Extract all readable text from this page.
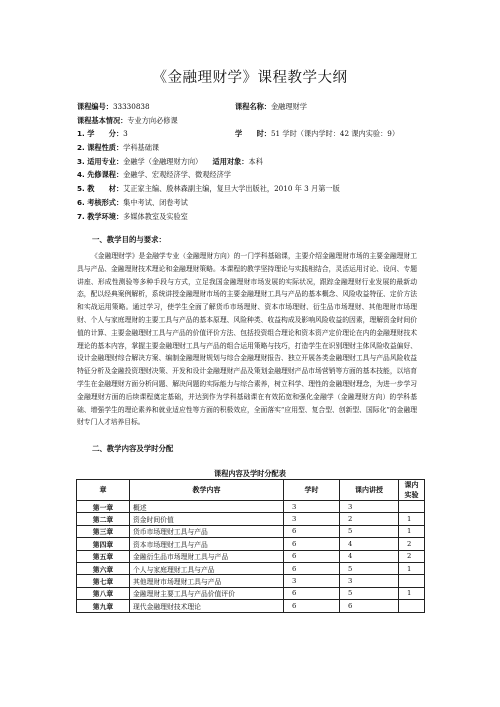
《金融理财学》课程教学大纲
课程编号：33330838	课程名称：金融理财学
课程基本情况：专业方向必修课
1. 学　　分：3	学　　时：51 学时（课内学时：42 课内实验：9）
2. 课程性质：学科基础课
3. 适用专业：金融学（金融理财方向） 适用对象：本科
4. 先修课程：金融学、宏观经济学、微观经济学
5. 教　　材：艾正家主编、殷林森副主编，复旦大学出版社，2010 年 3 月第一版
6. 考核形式：集中考试、闭卷考试
7. 教学环境：多媒体教室及实验室
一、教学目的与要求：
《金融理财学》是金融学专业（金融理财方向）的一门学科基础课，主要介绍金融理财市场的主要金融理财工具与产品、金融理财技术理论和金融理财策略。本课程的教学坚持理论与实践相结合，灵活运用讨论、设问、专题讲座、形成性测验等多种手段与方式，立足我国金融理财市场发展的实际状况，跟踪金融理财行业发展的最新动态，配以经典案例解析，系统讲授金融理财市场的主要金融理财工具与产品的基本概念、风险收益特征、定价方法和实战运用策略。通过学习，使学生全面了解货币市场理财、资本市场理财、衍生品市场理财、其他理财市场理财、个人与家庭理财的主要工具与产品的基本原理、风险种类、收益构成及影响风险收益的因素，理解资金时间价值的计算、主要金融理财工具与产品的价值评价方法、包括投资组合理论和资本资产定价理论在内的金融理财技术理论的基本内容，掌握主要金融理财工具与产品的组合运用策略与技巧，打造学生在识别理财主体风险收益偏好、设计金融理财综合解决方案、编制金融理财规划与综合金融理财报告、独立开展各类金融理财工具与产品风险收益特征分析及金融投资理财决策、开发和设计金融理财产品及策划金融理财产品市场营销等方面的基本技能，以培育学生在金融理财方面分析问题、解决问题的实际能力与综合素养，树立科学、理性的金融理财理念，为进一步学习金融理财方面的后续课程奠定基础，并达到作为学科基础课在有效拓宽和强化金融学（金融理财方向）的学科基础、增强学生的理论素养和就业适应性等方面的积极效应，全面落实“应用型、复合型、创新型、国际化”的金融理财专门人才培养目标。
二、教学内容及学时分配
课程内容及学时分配表
章	教学内容	学时	课内讲授	课内实验
第一章	概述	3	3	
第二章	资金时间价值	3	2	1
第三章	货币市场理财工具与产品	6	5	1
第四章	资本市场理财工具与产品	6	4	2
第五章	金融衍生品市场理财工具与产品	6	4	2
第六章	个人与家庭理财工具与产品	6	5	1
第七章	其他理财市场理财工具与产品	3	3	
第八章	金融理财主要工具与产品价值评价	6	5	1
第九章	现代金融理财技术理论	6	6	
